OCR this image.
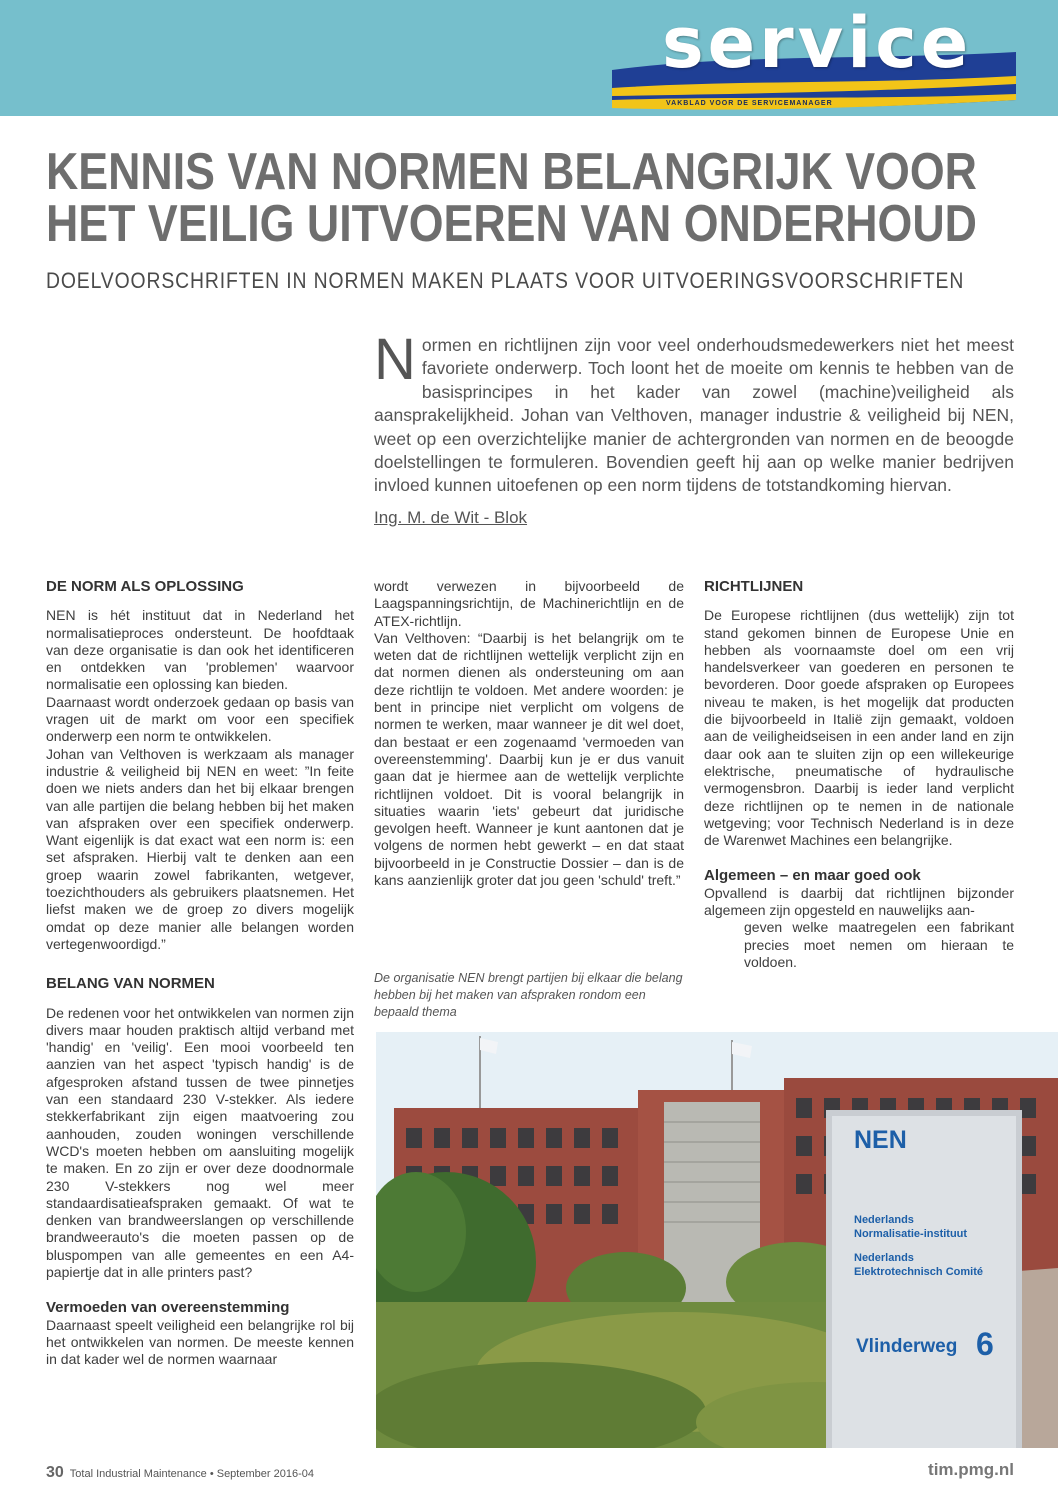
service
VAKBLAD VOOR DE SERVICEMANAGER
KENNIS VAN NORMEN BELANGRIJK VOOR
HET VEILIG UITVOEREN VAN ONDERHOUD
DOELVOORSCHRIFTEN IN NORMEN MAKEN PLAATS VOOR UITVOERINGSVOORSCHRIFTEN

Normen en richtlijnen zijn voor veel onderhoudsmedewerkers niet het meest favoriete onderwerp. Toch loont het de moeite om kennis te hebben van de basisprincipes in het kader van zowel (machine)veiligheid als aansprakelijkheid. Johan van Velthoven, manager industrie & veiligheid bij NEN, weet op een overzichtelijke manier de achtergronden van normen en de beoogde doelstellingen te formuleren. Bovendien geeft hij aan op welke manier bedrijven invloed kunnen uitoefenen op een norm tijdens de totstandkoming hiervan.

Ing. M. de Wit - Blok
DE NORM ALS OPLOSSING

NEN is hét instituut dat in Nederland het normalisatieproces ondersteunt. De hoofdtaak van deze organisatie is dan ook het identificeren en ontdekken van 'problemen' waarvoor normalisatie een oplossing kan bieden.

Daarnaast wordt onderzoek gedaan op basis van vragen uit de markt om voor een specifiek onderwerp een norm te ontwikkelen.

Johan van Velthoven is werkzaam als manager industrie & veiligheid bij NEN en weet: ”In feite doen we niets anders dan het bij elkaar brengen van alle partijen die belang hebben bij het maken van afspraken over een specifiek onderwerp. Want eigenlijk is dat exact wat een norm is: een set afspraken. Hierbij valt te denken aan een groep waarin zowel fabrikanten, wetgever, toezichthouders als gebruikers plaatsnemen. Het liefst maken we de groep zo divers mogelijk omdat op deze manier alle belangen worden vertegenwoordigd.”

BELANG VAN NORMEN

De redenen voor het ontwikkelen van normen zijn divers maar houden praktisch altijd verband met 'handig' en 'veilig'. Een mooi voorbeeld ten aanzien van het aspect 'typisch handig' is de afgesproken afstand tussen de twee pinnetjes van een standaard 230 V-stekker. Als iedere stekkerfabrikant zijn eigen maatvoering zou aanhouden, zouden woningen verschillende WCD's moeten hebben om aansluiting mogelijk te maken. En zo zijn er over deze doodnormale 230 V-stekkers nog wel meer standaardisatieafspraken gemaakt. Of wat te denken van brandweerslangen op verschillende brandweerauto's die moeten passen op de bluspompen van alle gemeentes en een A4-papiertje dat in alle printers past?

Vermoeden van overeenstemming

Daarnaast speelt veiligheid een belangrijke rol bij het ontwikkelen van normen. De meeste kennen in dat kader wel de normen waarnaar

wordt verwezen in bijvoorbeeld de Laagspanningsrichtijn, de Machinerichtlijn en de ATEX-richtlijn.

Van Velthoven: “Daarbij is het belangrijk om te weten dat de richtlijnen wettelijk verplicht zijn en dat normen dienen als ondersteuning om aan deze richtlijn te voldoen. Met andere woorden: je bent in principe niet verplicht om volgens de normen te werken, maar wanneer je dit wel doet, dan bestaat er een zogenaamd 'vermoeden van overeenstemming'. Daarbij kun je er dus vanuit gaan dat je hiermee aan de wettelijk verplichte richtlijnen voldoet. Dit is vooral belangrijk in situaties waarin 'iets' gebeurt dat juridische gevolgen heeft. Wanneer je kunt aantonen dat je volgens de normen hebt gewerkt – en dat staat bijvoorbeeld in je Constructie Dossier – dan is de kans aanzienlijk groter dat jou geen 'schuld' treft.”

De organisatie NEN brengt partijen bij elkaar die belang hebben bij het maken van afspraken rondom een bepaald thema

RICHTLIJNEN

De Europese richtlijnen (dus wettelijk) zijn tot stand gekomen binnen de Europese Unie en hebben als voornaamste doel om een vrij handelsverkeer van goederen en personen te bevorderen. Door goede afspraken op Europees niveau te maken, is het mogelijk dat producten die bijvoorbeeld in Italië zijn gemaakt, voldoen aan de veiligheidseisen in een ander land en zijn daar ook aan te sluiten zijn op een willekeurige elektrische, pneumatische of hydraulische vermogensbron. Daarbij is ieder land verplicht deze richtlijnen op te nemen in de nationale wetgeving; voor Technisch Nederland is in deze de Warenwet Machines een belangrijke.

Algemeen – en maar goed ook

Opvallend is daarbij dat richtlijnen bijzonder algemeen zijn opgesteld en nauwelijks aan-

geven welke maatregelen een fabrikant precies moet nemen om hieraan te voldoen.

NEN
Nederlands
Normalisatie-instituut
Nederlands
Elektrotechnisch Comité
Vlinderweg 6
30 Total Industrial Maintenance • September 2016-04	tim.pmg.nl
